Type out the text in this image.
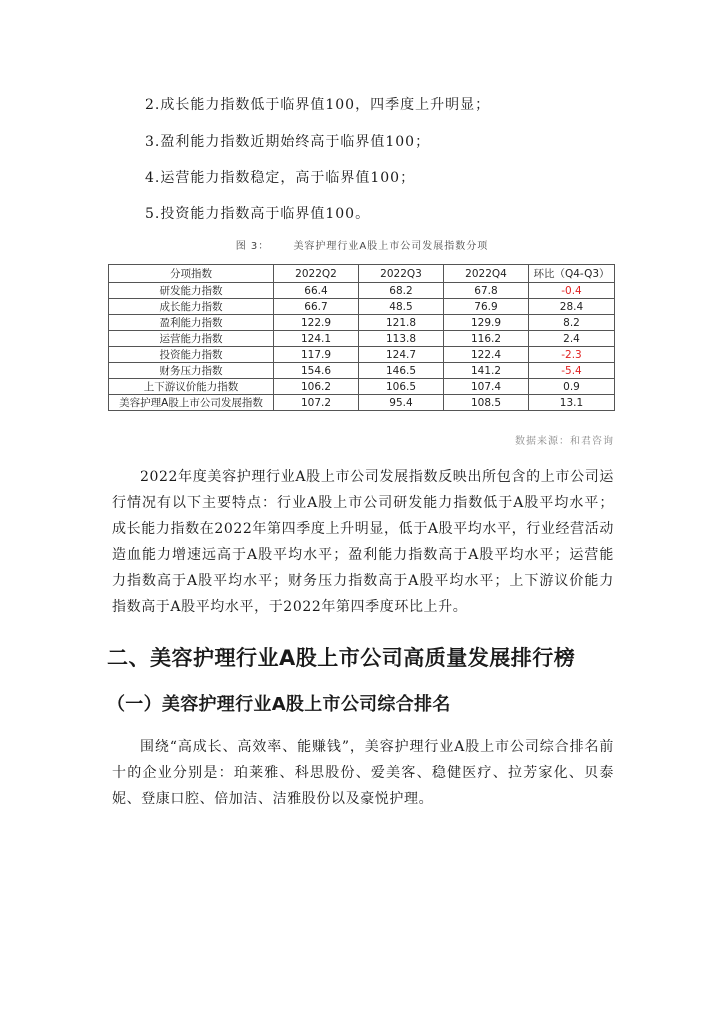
2.成长能力指数低于临界值100，四季度上升明显；
3.盈利能力指数近期始终高于临界值100；
4.运营能力指数稳定，高于临界值100；
5.投资能力指数高于临界值100。
图 3： 美容护理行业A股上市公司发展指数分项
分项指数	2022Q2	2022Q3	2022Q4	环比（Q4-Q3）
研发能力指数	66.4	68.2	67.8	-0.4
成长能力指数	66.7	48.5	76.9	28.4
盈利能力指数	122.9	121.8	129.9	8.2
运营能力指数	124.1	113.8	116.2	2.4
投资能力指数	117.9	124.7	122.4	-2.3
财务压力指数	154.6	146.5	141.2	-5.4
上下游议价能力指数	106.2	106.5	107.4	0.9
美容护理A股上市公司发展指数	107.2	95.4	108.5	13.1
数据来源：和君咨询

2022年度美容护理行业A股上市公司发展指数反映出所包含的上市公司运行情况有以下主要特点：行业A股上市公司研发能力指数低于A股平均水平；成长能力指数在2022年第四季度上升明显，低于A股平均水平，行业经营活动造血能力增速远高于A股平均水平；盈利能力指数高于A股平均水平；运营能力指数高于A股平均水平；财务压力指数高于A股平均水平；上下游议价能力指数高于A股平均水平，于2022年第四季度环比上升。

二、美容护理行业A股上市公司高质量发展排行榜
（一）美容护理行业A股上市公司综合排名

围绕“高成长、高效率、能赚钱”，美容护理行业A股上市公司综合排名前十的企业分别是：珀莱雅、科思股份、爱美客、稳健医疗、拉芳家化、贝泰妮、登康口腔、倍加洁、洁雅股份以及豪悦护理。
